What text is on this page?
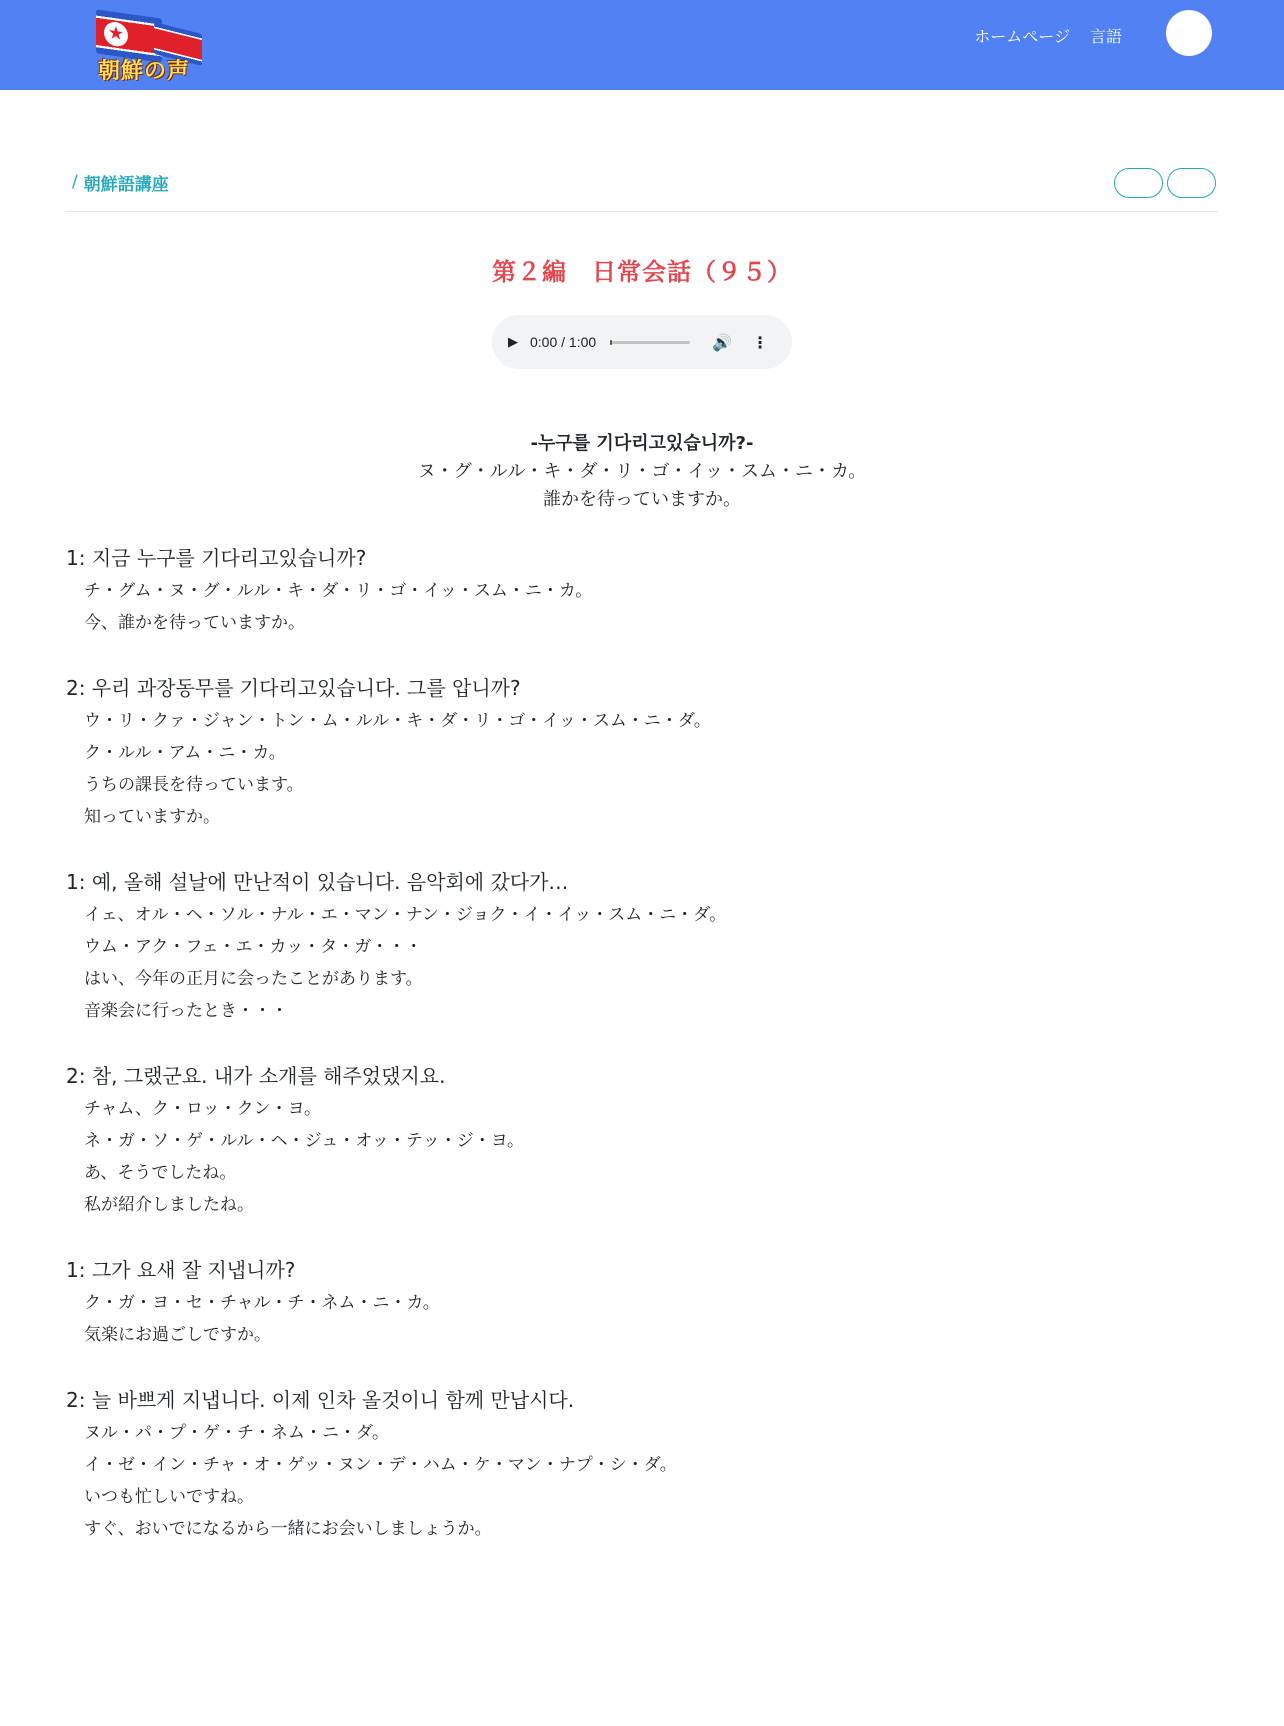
★
朝鮮の声
ホームページ 言語
/ 朝鮮語講座
第２編　日常会話（９５）
▶ 0:00 / 1:00	🔊 ⋮
-누구를 기다리고있습니까?-
ヌ・グ・ルル・キ・ダ・リ・ゴ・イッ・スム・ニ・カ。
誰かを待っていますか。
1: 지금 누구를 기다리고있습니까?
チ・グム・ヌ・グ・ルル・キ・ダ・リ・ゴ・イッ・スム・ニ・カ。
今、誰かを待っていますか。
2: 우리 과장동무를 기다리고있습니다. 그를 압니까?
ウ・リ・クァ・ジャン・トン・ム・ルル・キ・ダ・リ・ゴ・イッ・スム・ニ・ダ。
ク・ルル・アム・ニ・カ。
うちの課長を待っています。
知っていますか。
1: 예, 올해 설날에 만난적이 있습니다. 음악회에 갔다가…
イェ、オル・ヘ・ソル・ナル・エ・マン・ナン・ジョク・イ・イッ・スム・ニ・ダ。
ウム・アク・フェ・エ・カッ・タ・ガ・・・
はい、今年の正月に会ったことがあります。
音楽会に行ったとき・・・
2: 참, 그랬군요. 내가 소개를 해주었댔지요.
チャム、ク・ロッ・クン・ヨ。
ネ・ガ・ソ・ゲ・ルル・ヘ・ジュ・オッ・テッ・ジ・ヨ。
あ、そうでしたね。
私が紹介しましたね。
1: 그가 요새 잘 지냅니까?
ク・ガ・ヨ・セ・チャル・チ・ネム・ニ・カ。
気楽にお過ごしですか。
2: 늘 바쁘게 지냅니다. 이제 인차 올것이니 함께 만납시다.
ヌル・パ・プ・ゲ・チ・ネム・ニ・ダ。
イ・ゼ・イン・チャ・オ・ゲッ・ヌン・デ・ハム・ケ・マン・ナプ・シ・ダ。
いつも忙しいですね。
すぐ、おいでになるから一緒にお会いしましょうか。
